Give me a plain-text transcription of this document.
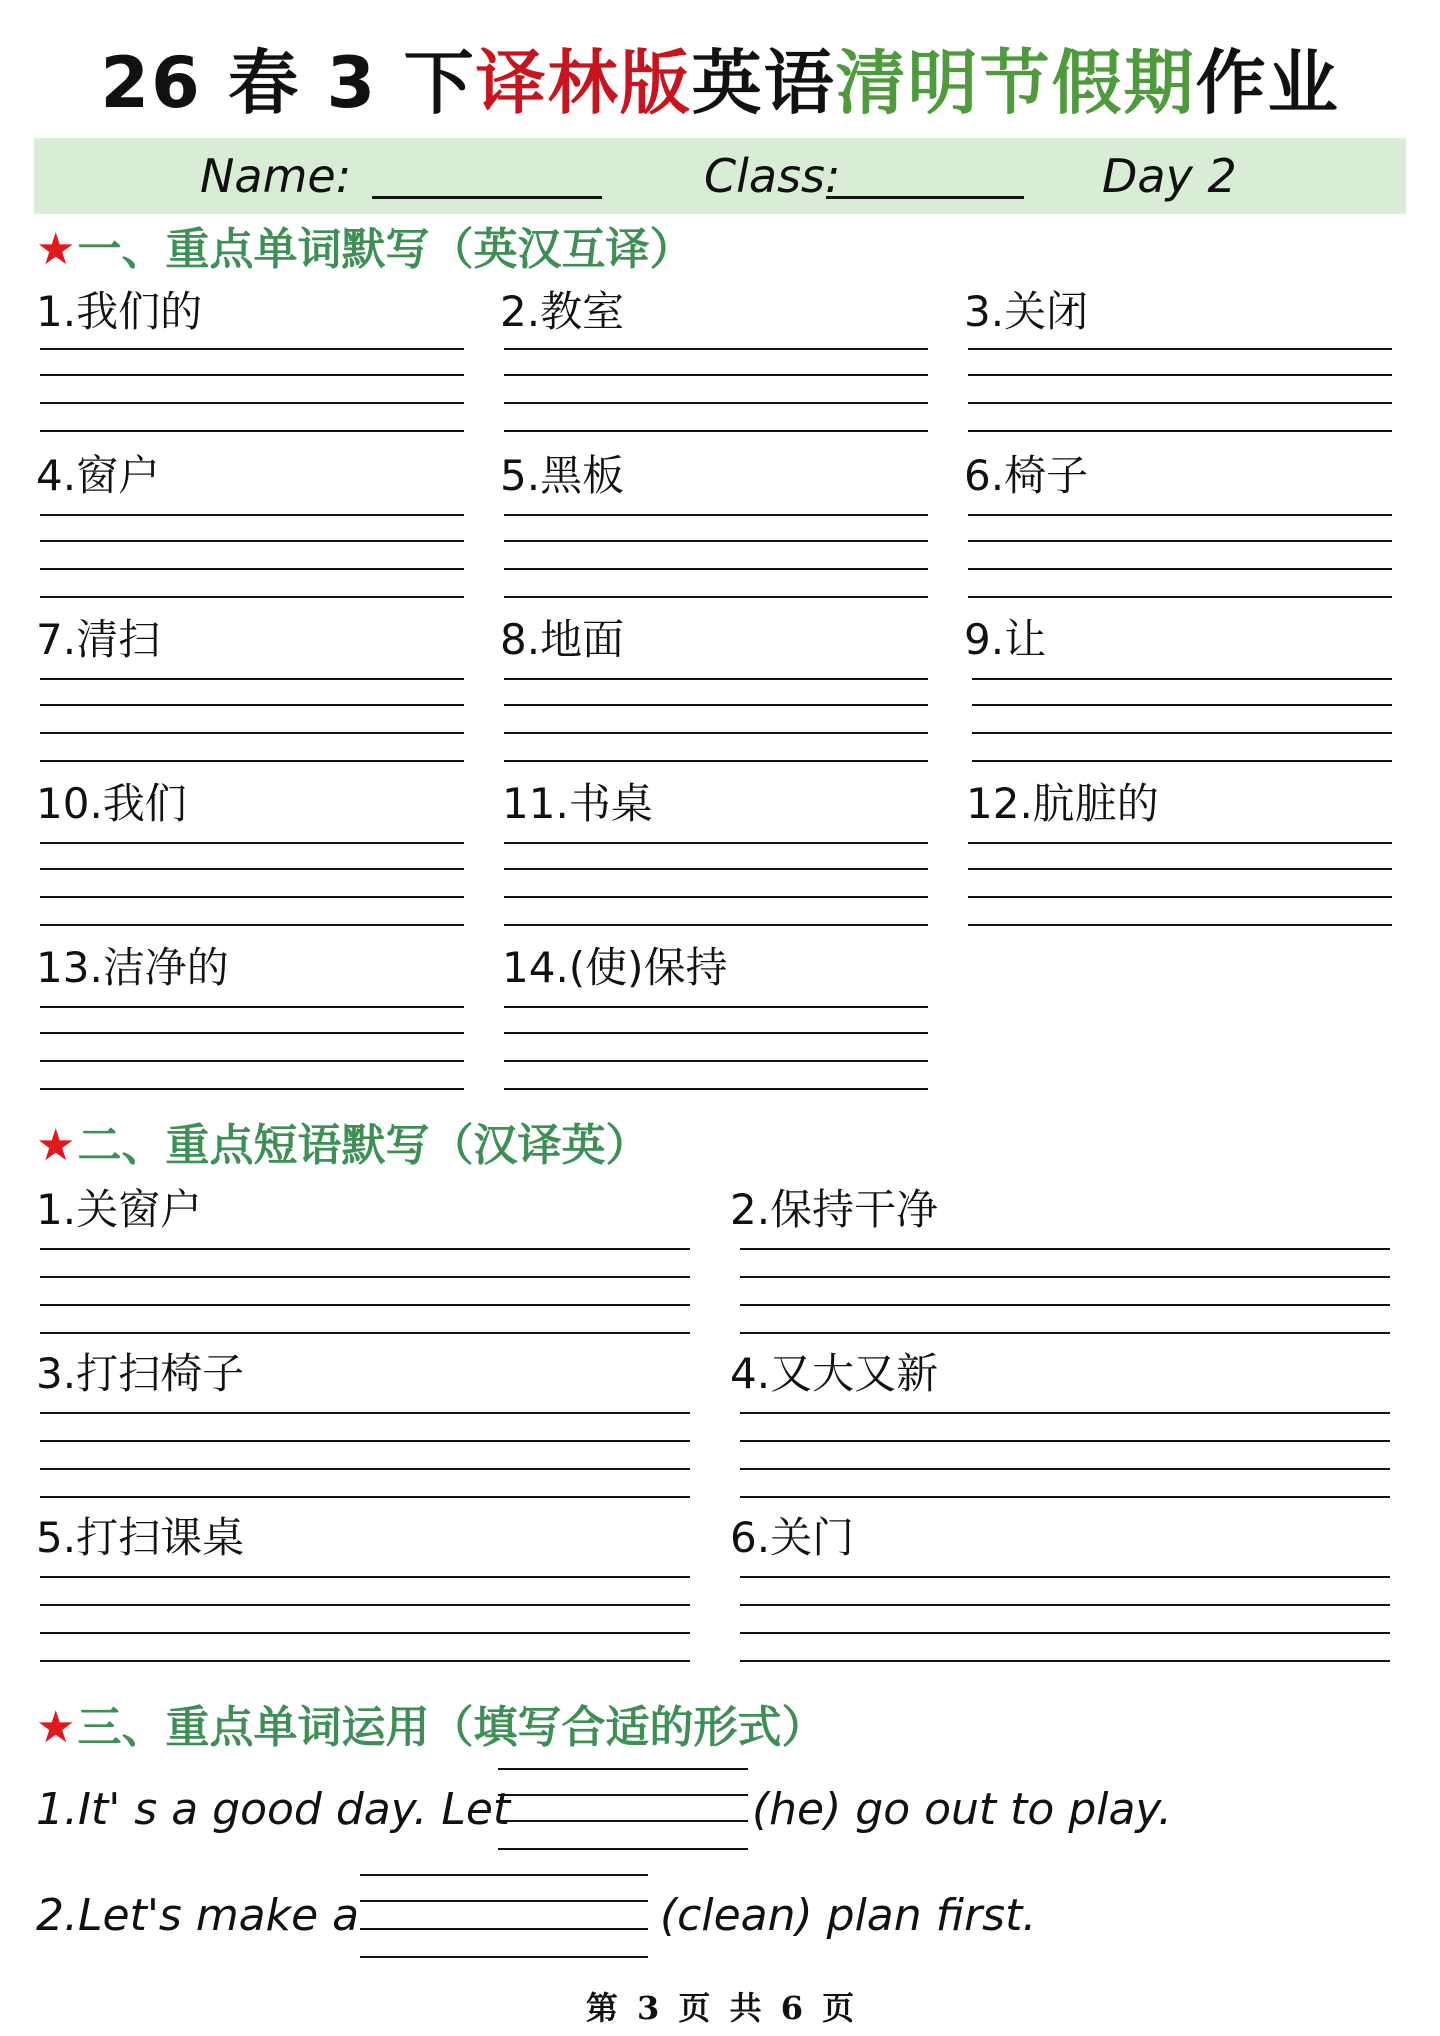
26 春 3 下译林版英语清明节假期作业
Name:	Class:	Day 2
★一、重点单词默写（英汉互译）
1.我们的	2.教室	3.关闭
4.窗户	5.黑板	6.椅子
7.清扫	8.地面	9.让
10.我们	11.书桌	12.肮脏的
13.洁净的	14.(使)保持
★二、重点短语默写（汉译英）
1.关窗户	2.保持干净
3.打扫椅子	4.又大又新
5.打扫课桌	6.关门
★三、重点单词运用（填写合适的形式）
1.It' s a good day. Let	(he) go out to play.
2.Let's make a	(clean) plan first.
第 3 页 共 6 页
